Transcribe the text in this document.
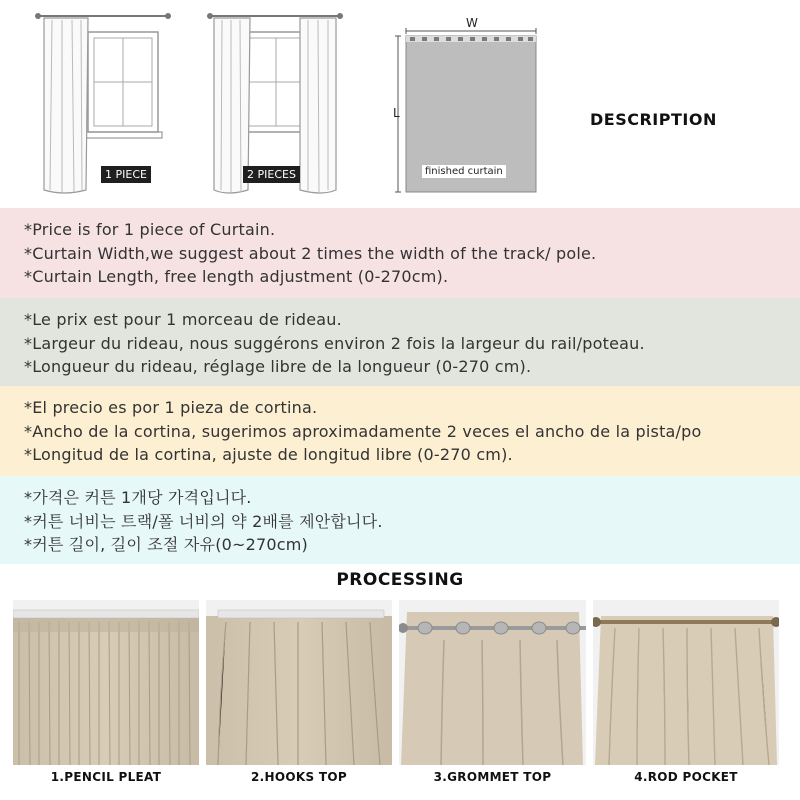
1 PIECE	2 PIECES
W
L
finished curtain
DESCRIPTION
*Price is for 1 piece of Curtain.
*Curtain Width,we suggest about 2 times the width of the track/ pole.
*Curtain Length, free length adjustment (0-270cm).
*Le prix est pour 1 morceau de rideau.
*Largeur du rideau, nous suggérons environ 2 fois la largeur du rail/poteau.
*Longueur du rideau, réglage libre de la longueur (0-270 cm).
*El precio es por 1 pieza de cortina.
*Ancho de la cortina, sugerimos aproximadamente 2 veces el ancho de la pista/po
*Longitud de la cortina, ajuste de longitud libre (0-270 cm).
*가격은 커튼 1개당 가격입니다.
*커튼 너비는 트랙/폴 너비의 약 2배를 제안합니다.
*커튼 길이, 길이 조절 자유(0~270cm)
PROCESSING
1.PENCIL PLEAT	2.HOOKS TOP	3.GROMMET TOP	4.ROD POCKET
